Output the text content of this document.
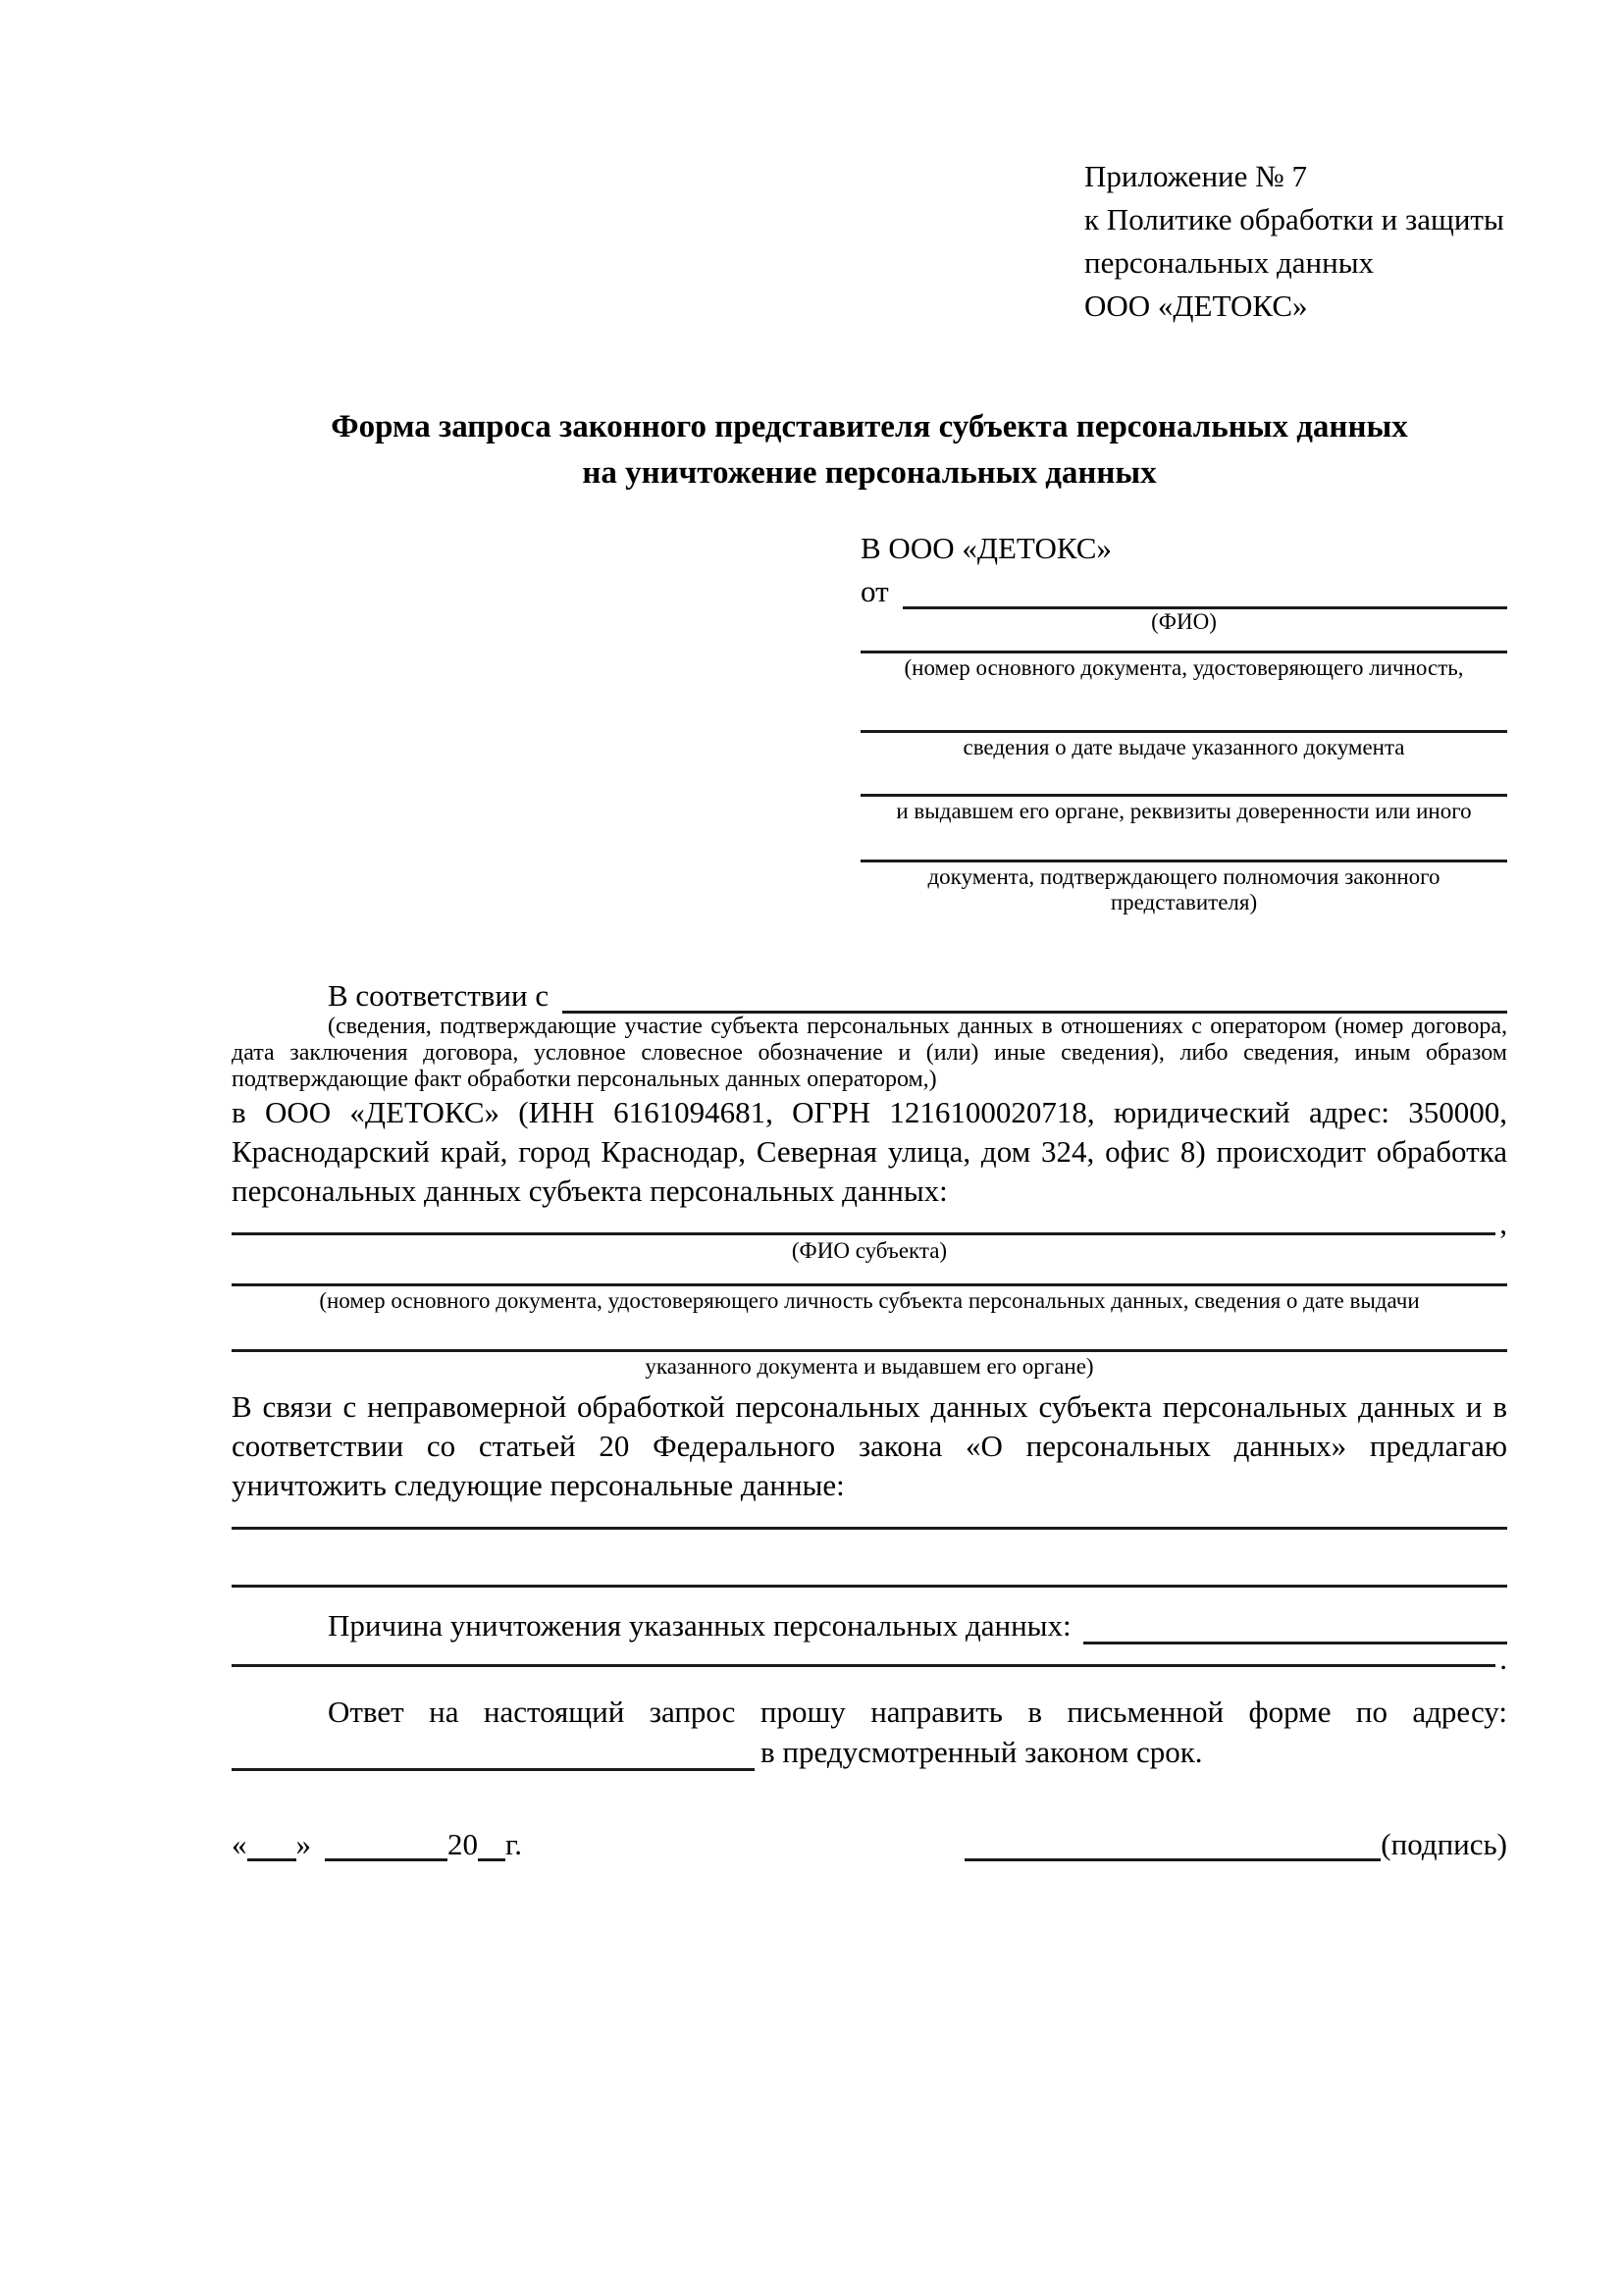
Приложение № 7
к Политике обработки и защиты
персональных данных
ООО «ДЕТОКС»
Форма запроса законного представителя субъекта персональных данных
на уничтожение персональных данных
В ООО «ДЕТОКС»
от
(ФИО)
(номер основного документа, удостоверяющего личность,
сведения о дате выдаче указанного документа
и выдавшем его органе, реквизиты доверенности или иного
документа, подтверждающего полномочия законного представителя)
В соответствии с
(сведения, подтверждающие участие субъекта персональных данных в отношениях с оператором (номер договора, дата заключения договора, условное словесное обозначение и (или) иные сведения), либо сведения, иным образом подтверждающие факт обработки персональных данных оператором,)

в ООО «ДЕТОКС» (ИНН 6161094681, ОГРН 1216100020718, юридический адрес: 350000, Краснодарский край, город Краснодар, Северная улица, дом 324, офис 8) происходит обработка персональных данных субъекта персональных данных:

,
(ФИО субъекта)
(номер основного документа, удостоверяющего личность субъекта персональных данных, сведения о дате выдачи
указанного документа и выдавшем его органе)

В связи с неправомерной обработкой персональных данных субъекта персональных данных и в соответствии со статьей 20 Федерального закона «О персональных данных» предлагаю уничтожить следующие персональные данные:

Причина уничтожения указанных персональных данных:
.
Ответ на настоящий запрос прошу направить в письменной форме по адресу:
в предусмотренный законом срок.
« »	20 г.	(подпись)
